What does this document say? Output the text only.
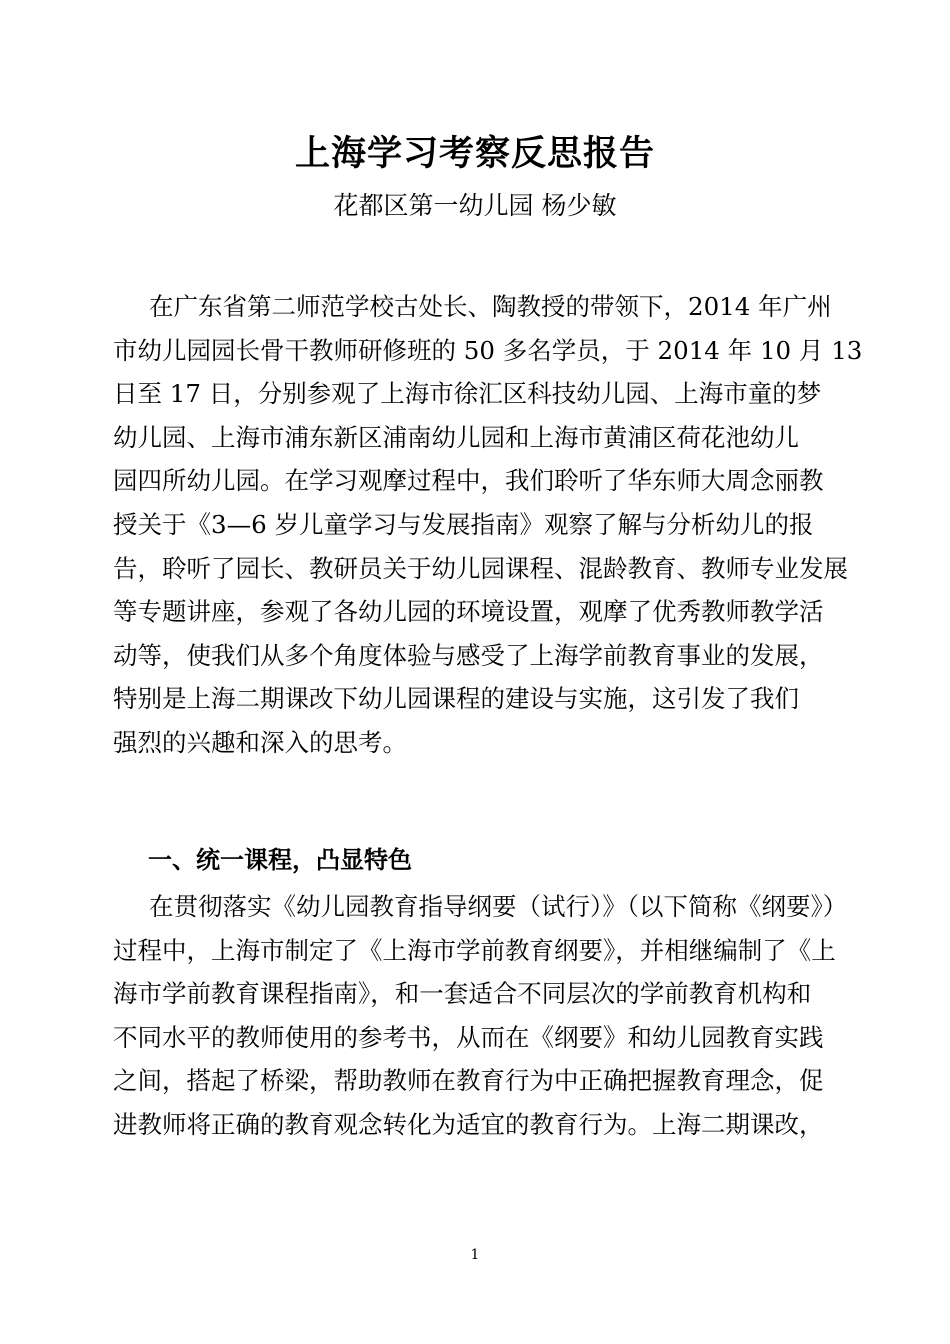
上海学习考察反思报告
花都区第一幼儿园 杨少敏
在广东省第二师范学校古处长、陶教授的带领下，2014 年广州
市幼儿园园长骨干教师研修班的 50 多名学员，于 2014 年 10 月 13
日至 17 日，分别参观了上海市徐汇区科技幼儿园、上海市童的梦
幼儿园、上海市浦东新区浦南幼儿园和上海市黄浦区荷花池幼儿
园四所幼儿园。在学习观摩过程中，我们聆听了华东师大周念丽教
授关于《3—6 岁儿童学习与发展指南》观察了解与分析幼儿的报
告，聆听了园长、教研员关于幼儿园课程、混龄教育、教师专业发展
等专题讲座，参观了各幼儿园的环境设置，观摩了优秀教师教学活
动等，使我们从多个角度体验与感受了上海学前教育事业的发展，
特别是上海二期课改下幼儿园课程的建设与实施，这引发了我们
强烈的兴趣和深入的思考。
一、统一课程，凸显特色
在贯彻落实《幼儿园教育指导纲要（试行）》（以下简称《纲要》）
过程中，上海市制定了《上海市学前教育纲要》，并相继编制了《上
海市学前教育课程指南》，和一套适合不同层次的学前教育机构和
不同水平的教师使用的参考书，从而在《纲要》和幼儿园教育实践
之间，搭起了桥梁，帮助教师在教育行为中正确把握教育理念，促
进教师将正确的教育观念转化为适宜的教育行为。上海二期课改，
1
